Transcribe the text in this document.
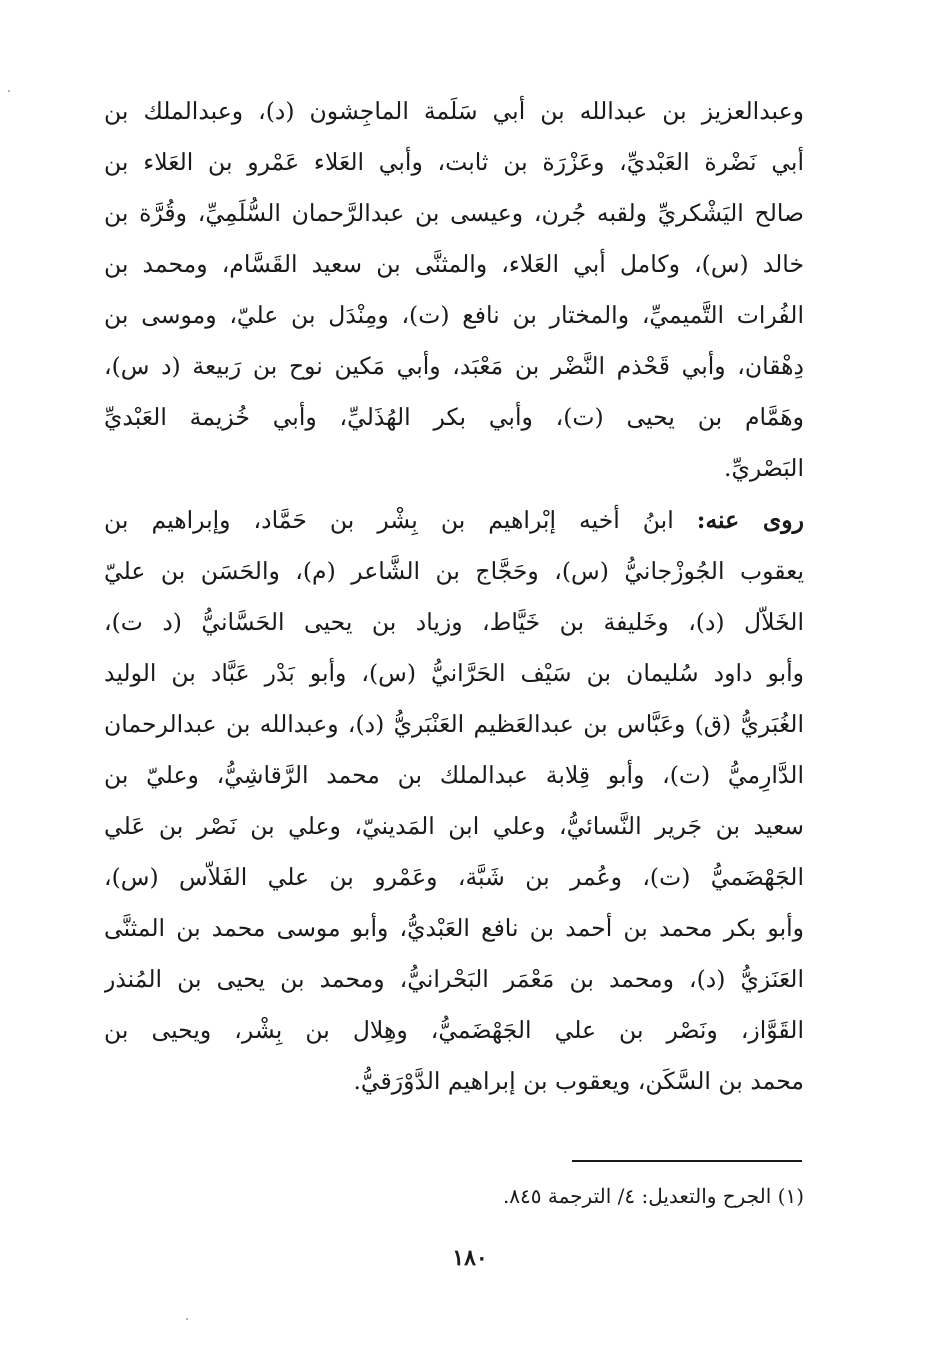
وعبدالعزيز بن عبدالله بن أبي سَلَمة الماجِشون (د)، وعبدالملك بن
أبي نَضْرة العَبْديِّ، وعَزْرَة بن ثابت، وأبي العَلاء عَمْرو بن العَلاء بن
صالح اليَشْكريِّ ولقبه جُرن، وعيسى بن عبدالرَّحمان السُّلَمِيِّ، وقُرَّة بن
خالد (س)، وكامل أبي العَلاء، والمثنَّى بن سعيد القَسَّام، ومحمد بن
الفُرات التَّميميِّ، والمختار بن نافع (ت)، ومِنْدَل بن عليّ، وموسى بن
دِهْقان، وأبي قَحْذم النَّضْر بن مَعْبَد، وأبي مَكين نوح بن رَبيعة (د س)،
وهَمَّام بن يحيى (ت)، وأبي بكر الهُذَليِّ، وأبي خُزيمة العَبْديِّ
البَصْريِّ.
روى عنه: ابنُ أخيه إبْراهيم بن بِشْر بن حَمَّاد، وإبراهيم بن
يعقوب الجُوزْجانيُّ (س)، وحَجَّاج بن الشَّاعر (م)، والحَسَن بن عليّ
الخَلاّل (د)، وخَليفة بن خَيَّاط، وزياد بن يحيى الحَسَّانيُّ (د ت)،
وأبو داود سُليمان بن سَيْف الحَرَّانيُّ (س)، وأبو بَدْر عَبَّاد بن الوليد
الغُبَريُّ (ق) وعَبَّاس بن عبدالعَظيم العَنْبَريُّ (د)، وعبدالله بن عبدالرحمان
الدَّارِميُّ (ت)، وأبو قِلابة عبدالملك بن محمد الرَّقاشِيُّ، وعليّ بن
سعيد بن جَرير النَّسائيُّ، وعلي ابن المَدينيّ، وعلي بن نَصْر بن عَلي
الجَهْضَميُّ (ت)، وعُمر بن شَبَّة، وعَمْرو بن علي الفَلاّس (س)،
وأبو بكر محمد بن أحمد بن نافع العَبْديُّ، وأبو موسى محمد بن المثنَّى
العَنَزيُّ (د)، ومحمد بن مَعْمَر البَحْرانيُّ، ومحمد بن يحيى بن المُنذر
القَوَّاز، ونَصْر بن علي الجَهْضَميُّ، وهِلال بن بِشْر، ويحيى بن
محمد بن السَّكَن، ويعقوب بن إبراهيم الدَّوْرَقيُّ.
(١) الجرح والتعديل: ٤/ الترجمة ٨٤٥.
١٨٠
